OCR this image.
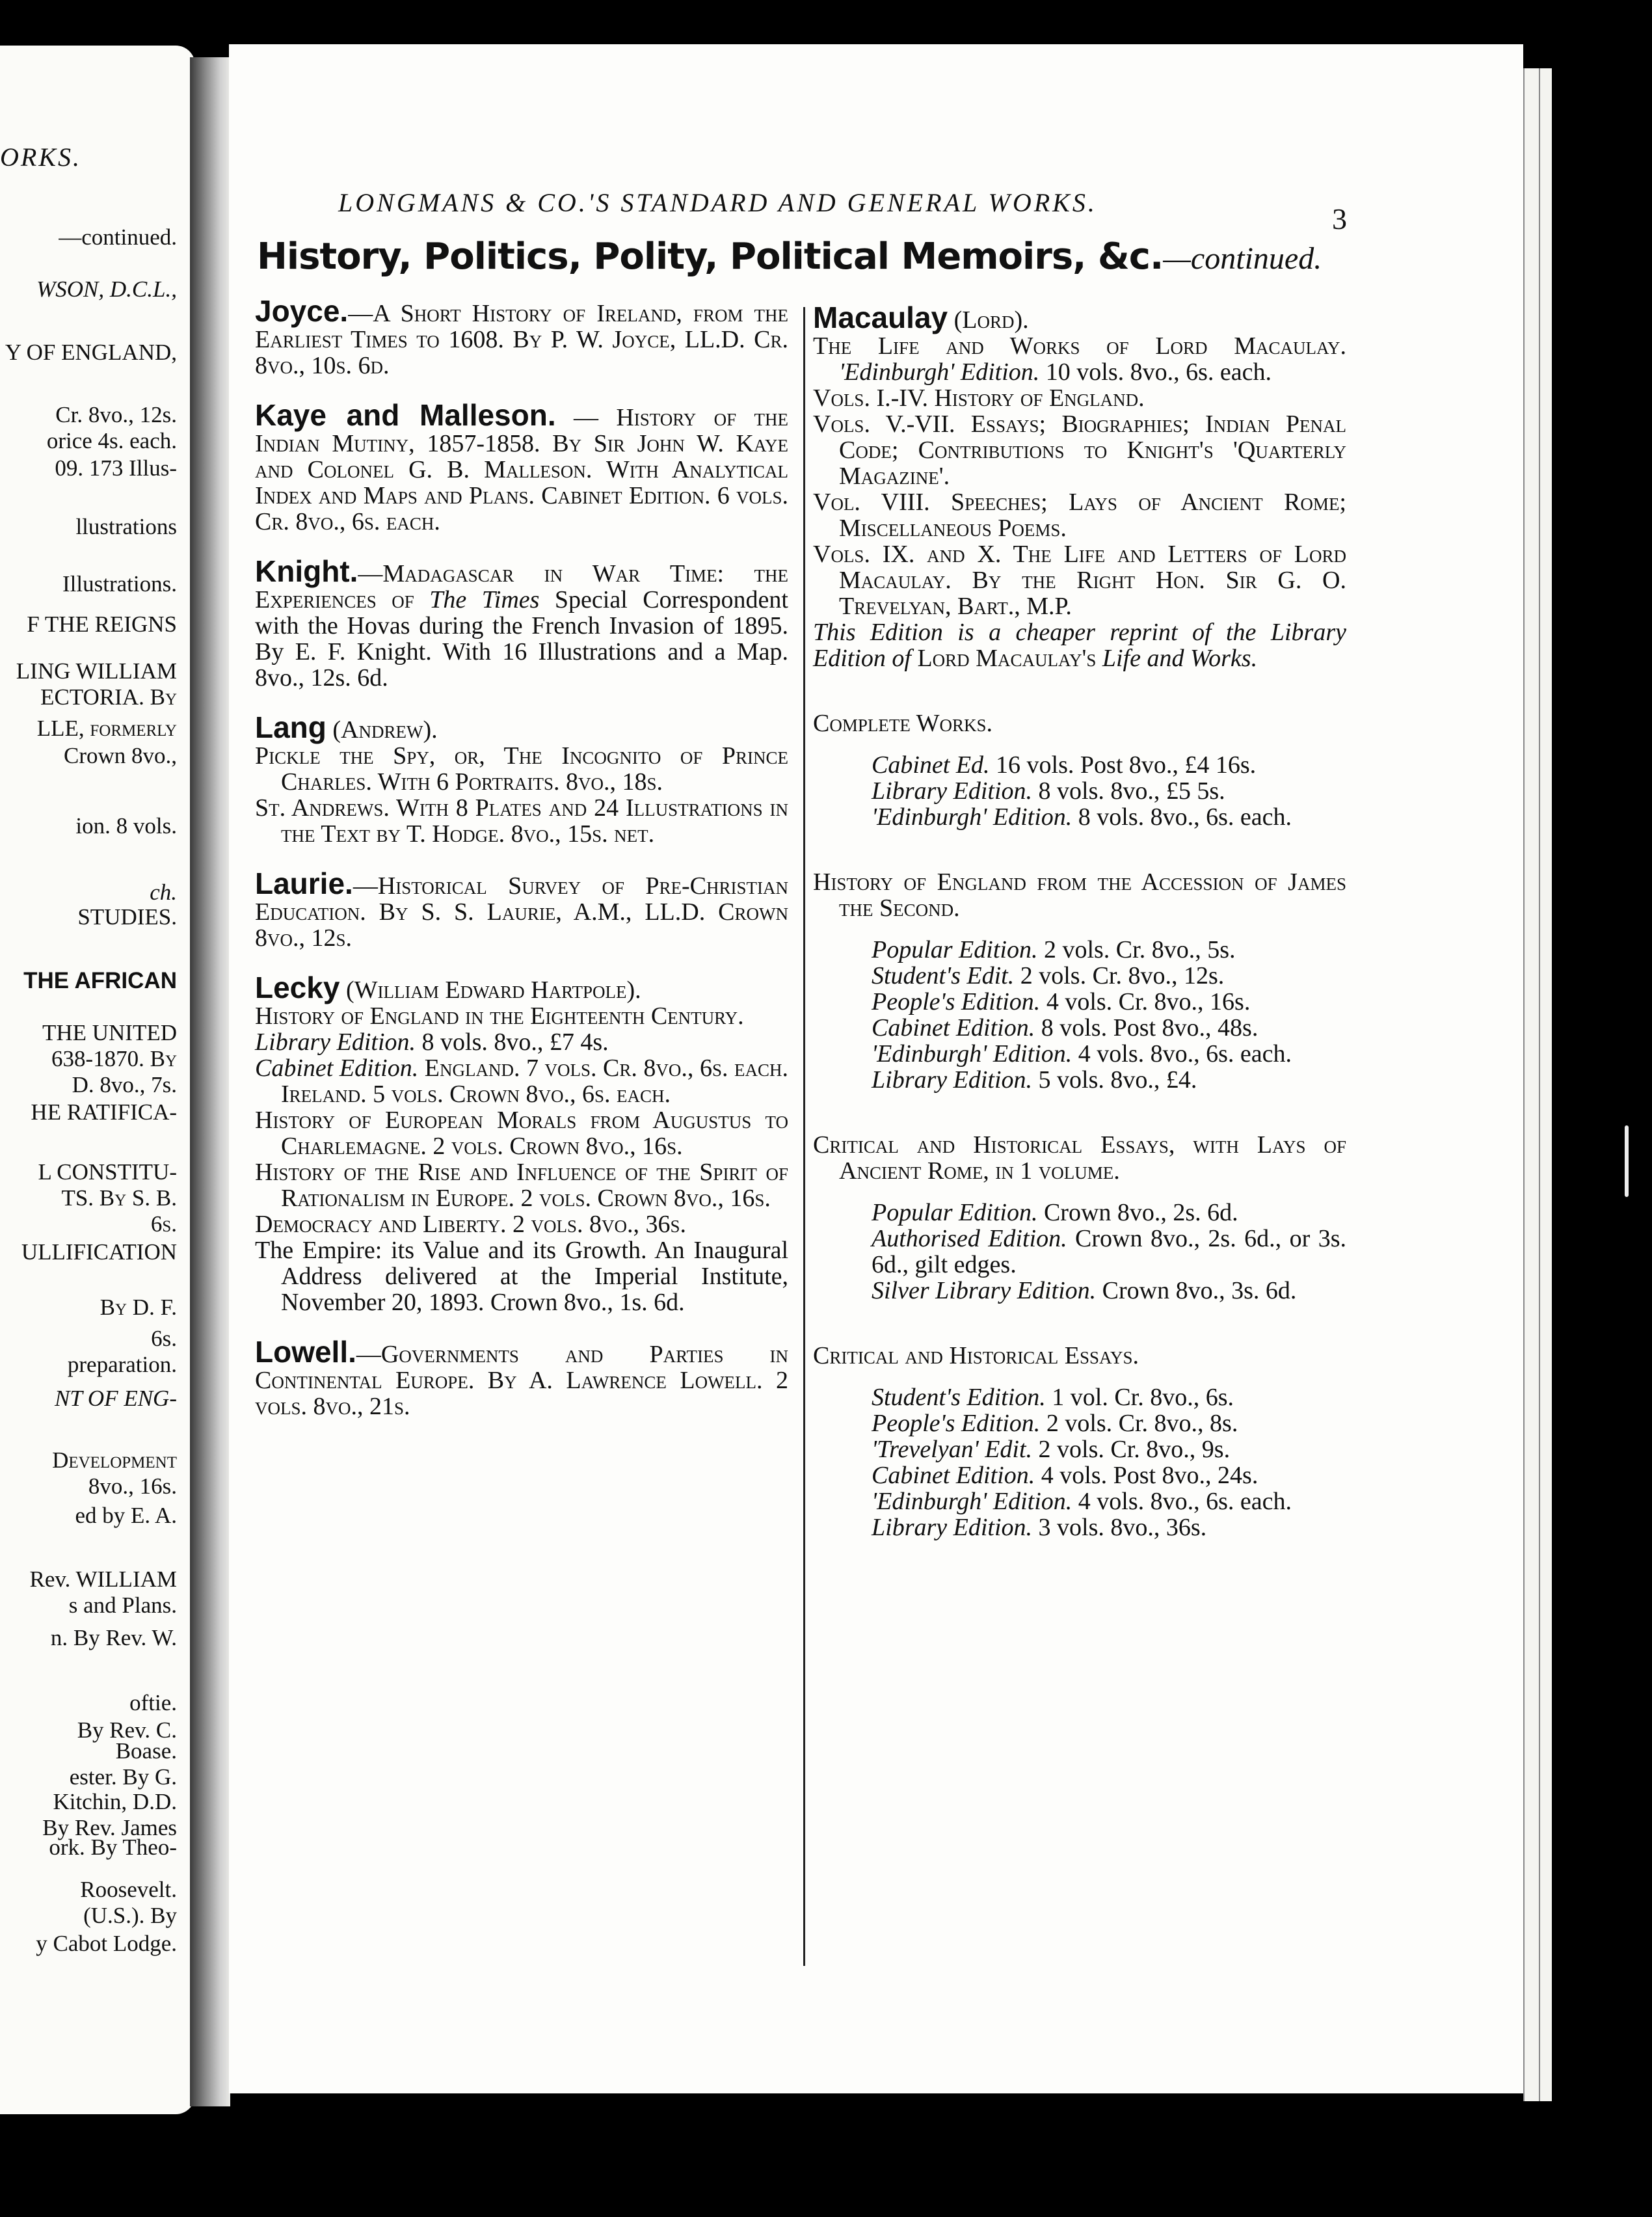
ORKS.
—continued.
WSON, D.C.L.,
Y OF ENGLAND,
Cr. 8vo., 12s.
orice 4s. each.
09. 173 Illus-
llustrations
Illustrations.
F THE REIGNS
LING WILLIAM
ECTORIA. By
LLE, formerly
Crown 8vo.,
ion. 8 vols.
ch.
STUDIES.
THE AFRICAN
THE UNITED
638-1870. By
D. 8vo., 7s.
HE RATIFICA-
L CONSTITU-
TS. By S. B.
6s.
ULLIFICATION
By D. F.
6s.
preparation.
NT OF ENG-
Development
8vo., 16s.
ed by E. A.
Rev. WILLIAM
s and Plans.
n. By Rev. W.
oftie.
By Rev. C.
Boase.
ester. By G.
Kitchin, D.D.
By Rev. James
ork. By Theo-
Roosevelt.
(U.S.). By
y Cabot Lodge.
LONGMANS & CO.'S STANDARD AND GENERAL WORKS.	3
History, Politics, Polity, Political Memoirs, &c.—continued.

Joyce.—A Short History of Ireland, from the Earliest Times to 1608. By P. W. Joyce, LL.D. Cr. 8vo., 10s. 6d.

Kaye and Malleson. — History of the Indian Mutiny, 1857-1858. By Sir John W. Kaye and Colonel G. B. Malleson. With Analytical Index and Maps and Plans. Cabinet Edition. 6 vols. Cr. 8vo., 6s. each.

Knight.—Madagascar in War Time: the Experiences of The Times Special Correspondent with the Hovas during the French Invasion of 1895. By E. F. Knight. With 16 Illustrations and a Map. 8vo., 12s. 6d.

Lang (Andrew).

Pickle the Spy, or, The Incognito of Prince Charles. With 6 Portraits. 8vo., 18s.

St. Andrews. With 8 Plates and 24 Illustrations in the Text by T. Hodge. 8vo., 15s. net.

Laurie.—Historical Survey of Pre-Christian Education. By S. S. Laurie, A.M., LL.D. Crown 8vo., 12s.

Lecky (William Edward Hartpole).

History of England in the Eighteenth Century.

Library Edition. 8 vols. 8vo., £7 4s.

Cabinet Edition. England. 7 vols. Cr. 8vo., 6s. each. Ireland. 5 vols. Crown 8vo., 6s. each.

History of European Morals from Augustus to Charlemagne. 2 vols. Crown 8vo., 16s.

History of the Rise and Influence of the Spirit of Rationalism in Europe. 2 vols. Crown 8vo., 16s.

Democracy and Liberty. 2 vols. 8vo., 36s.

The Empire: its Value and its Growth. An Inaugural Address delivered at the Imperial Institute, November 20, 1893. Crown 8vo., 1s. 6d.

Lowell.—Governments and Parties in Continental Europe. By A. Lawrence Lowell. 2 vols. 8vo., 21s.

Macaulay (Lord).

The Life and Works of Lord Macaulay. 'Edinburgh' Edition. 10 vols. 8vo., 6s. each.

Vols. I.-IV. History of England.

Vols. V.-VII. Essays; Biographies; Indian Penal Code; Contributions to Knight's 'Quarterly Magazine'.

Vol. VIII. Speeches; Lays of Ancient Rome; Miscellaneous Poems.

Vols. IX. and X. The Life and Letters of Lord Macaulay. By the Right Hon. Sir G. O. Trevelyan, Bart., M.P.

This Edition is a cheaper reprint of the Library Edition of Lord Macaulay's Life and Works.

Complete Works.

Cabinet Ed. 16 vols. Post 8vo., £4 16s.

Library Edition. 8 vols. 8vo., £5 5s.

'Edinburgh' Edition. 8 vols. 8vo., 6s. each.

History of England from the Accession of James the Second.

Popular Edition. 2 vols. Cr. 8vo., 5s.

Student's Edit. 2 vols. Cr. 8vo., 12s.

People's Edition. 4 vols. Cr. 8vo., 16s.

Cabinet Edition. 8 vols. Post 8vo., 48s.

'Edinburgh' Edition. 4 vols. 8vo., 6s. each.

Library Edition. 5 vols. 8vo., £4.

Critical and Historical Essays, with Lays of Ancient Rome, in 1 volume.

Popular Edition. Crown 8vo., 2s. 6d.

Authorised Edition. Crown 8vo., 2s. 6d., or 3s. 6d., gilt edges.

Silver Library Edition. Crown 8vo., 3s. 6d.

Critical and Historical Essays.

Student's Edition. 1 vol. Cr. 8vo., 6s.

People's Edition. 2 vols. Cr. 8vo., 8s.

'Trevelyan' Edit. 2 vols. Cr. 8vo., 9s.

Cabinet Edition. 4 vols. Post 8vo., 24s.

'Edinburgh' Edition. 4 vols. 8vo., 6s. each.

Library Edition. 3 vols. 8vo., 36s.
